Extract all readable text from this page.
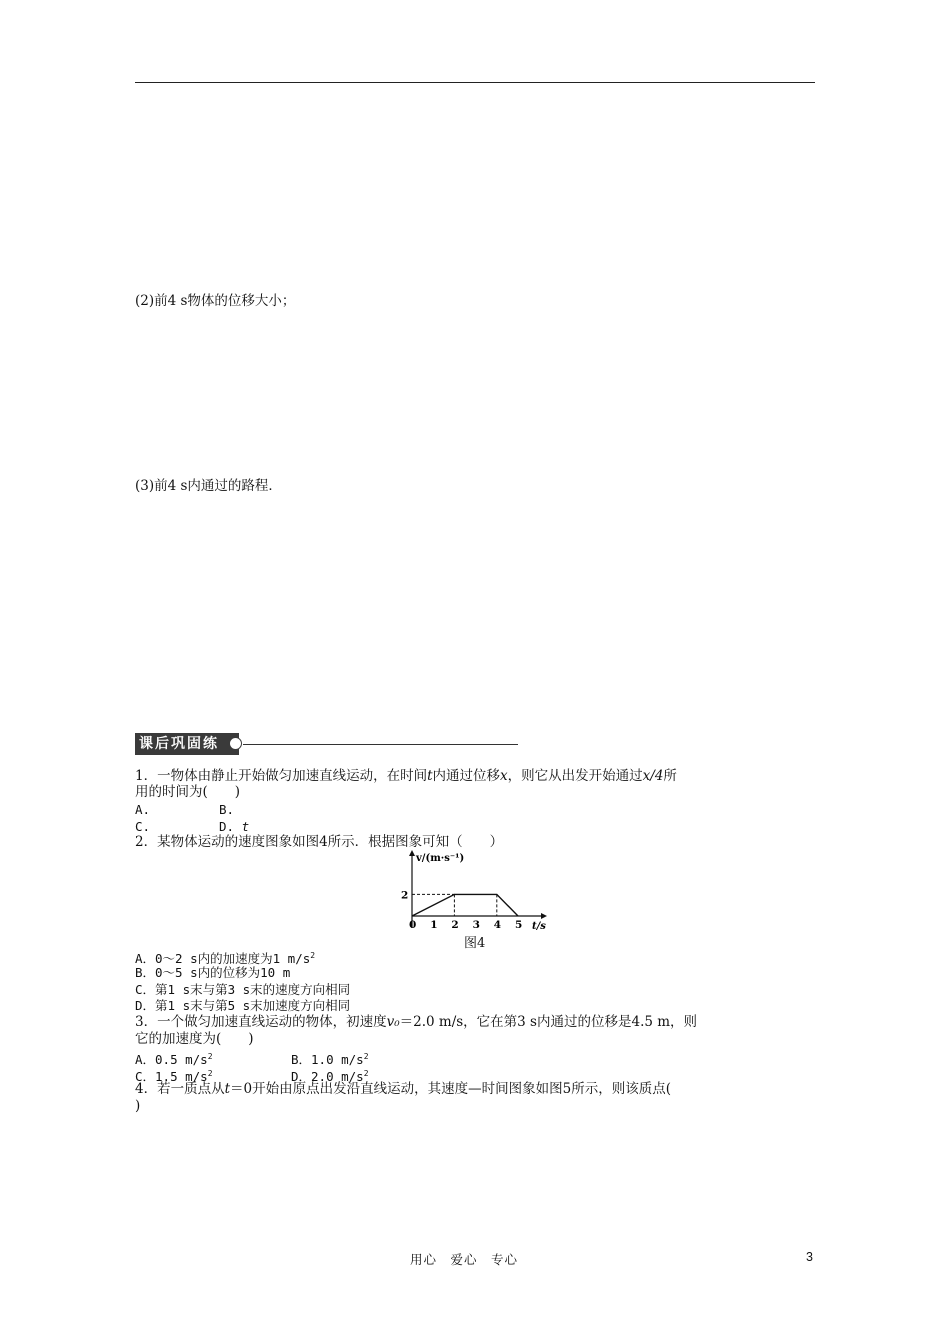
(2)前4 s物体的位移大小；
(3)前4 s内通过的路程．
课后巩固练
1．一物体由静止开始做匀加速直线运动，在时间t内通过位移x，则它从出发开始通过x/4所
用的时间为(　　)
A.	B.
C.	D. t
2．某物体运动的速度图象如图4所示．根据图象可知（　　）
v/(m·s⁻¹)
t/s
0 1 2 3 4 5
2
图4
A．0～2 s内的加速度为1 $m/s^2$
B．0～5 s内的位移为10 m
C．第1 s末与第3 s末的速度方向相同
D．第1 s末与第5 s末加速度方向相同
3．一个做匀加速直线运动的物体，初速度v₀＝2.0 m/s，它在第3 s内通过的位移是4.5 m，则
它的加速度为(　　)
A．0.5 $m/s^2$	B．1.0 $m/s^2$
C．1.5 $m/s^2$	D．2.0 $m/s^2$
4．若一质点从t＝0开始由原点出发沿直线运动，其速度—时间图象如图5所示，则该质点(
)
用心　爱心　专心	3
